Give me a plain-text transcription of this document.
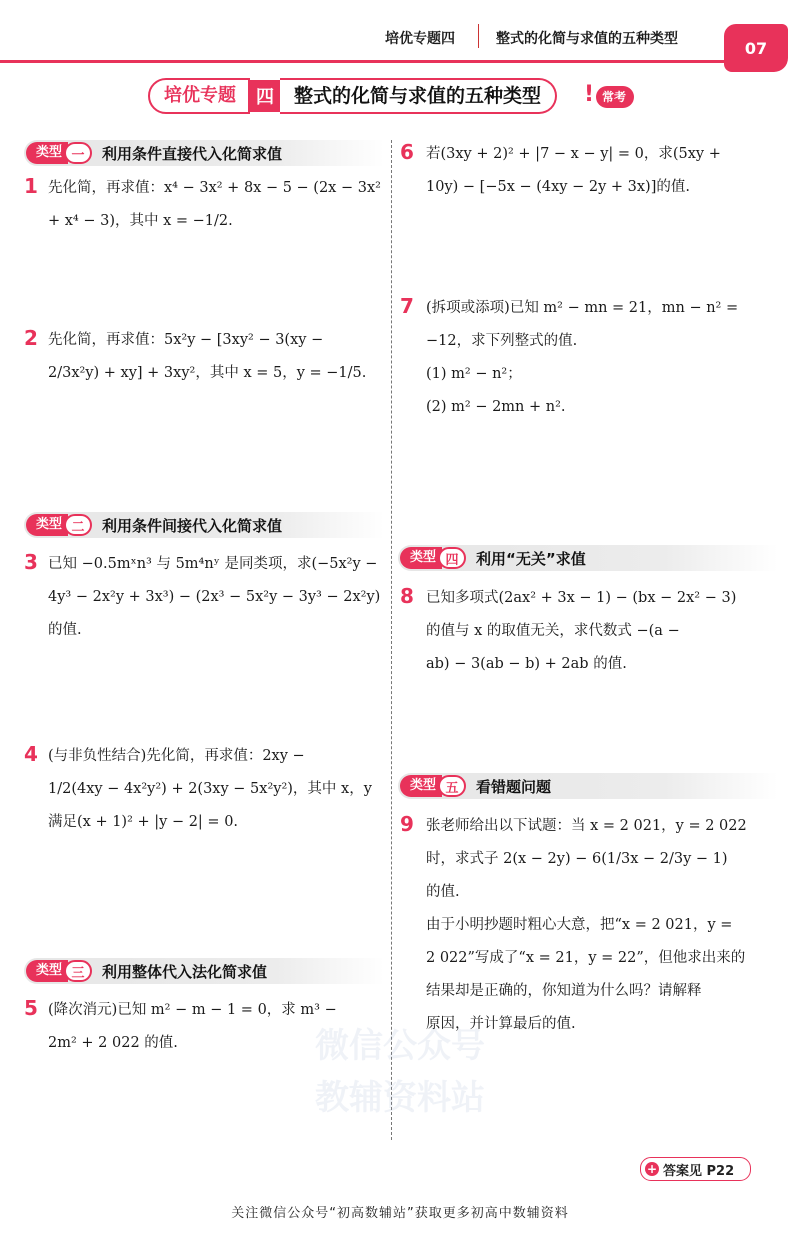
培优专题四	整式的化简与求值的五种类型	07
培优专题	四	整式的化简与求值的五种类型	! 常考
类型 一	利用条件直接代入化简求值
类型 二	利用条件间接代入化简求值
类型 三	利用整体代入法化简求值
类型 四	利用“无关”求值
类型 五	看错题问题
1 先化简，再求值：x⁴ − 3x² + 8x − 5 − (2x − 3x²
+ x⁴ − 3)，其中 x = −1/2.
2 先化简，再求值：5x²y − [3xy² − 3(xy −
2/3x²y) + xy] + 3xy²，其中 x = 5，y = −1/5.
3 已知 −0.5mˣn³ 与 5m⁴nʸ 是同类项，求(−5x²y −
4y³ − 2x²y + 3x³) − (2x³ − 5x²y − 3y³ − 2x²y)
的值.
4 (与非负性结合)先化简，再求值：2xy −
1/2(4xy − 4x²y²) + 2(3xy − 5x²y²)，其中 x，y
满足(x + 1)² + |y − 2| = 0.
5 (降次消元)已知 m² − m − 1 = 0，求 m³ −
2m² + 2 022 的值.
6 若(3xy + 2)² + |7 − x − y| = 0，求(5xy +
10y) − [−5x − (4xy − 2y + 3x)]的值.
7 (拆项或添项)已知 m² − mn = 21，mn − n² =
−12，求下列整式的值.
(1) m² − n²；
(2) m² − 2mn + n².
8 已知多项式(2ax² + 3x − 1) − (bx − 2x² − 3)
的值与 x 的取值无关，求代数式 −(a −
ab) − 3(ab − b) + 2ab 的值.
9 张老师给出以下试题：当 x = 2 021，y = 2 022
时，求式子 2(x − 2y) − 6(1/3x − 2/3y − 1)
的值.
由于小明抄题时粗心大意，把“x = 2 021，y =
2 022”写成了“x = 21，y = 22”，但他求出来的
结果却是正确的，你知道为什么吗？请解释
原因，并计算最后的值.
微信公众号
教辅资料站
+ 答案见 P22
关注微信公众号“初高数辅站”获取更多初高中数辅资料
